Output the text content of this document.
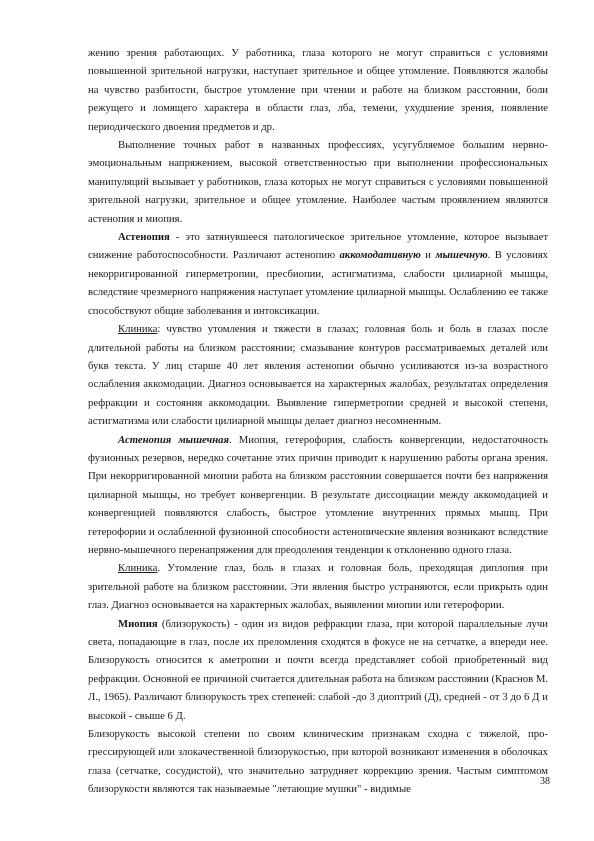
жению зрения работающих. У работника, глаза которого не могут справиться с условиями повышенной зрительной нагрузки, наступает зрительное и общее утомление. Появляются жалобы на чувство разбитости, быстрое утомление при чтении и работе на близком расстоянии, боли режущего и ломящего характера в области глаз, лба, темени, ухудшение зрения, появление периодического двоения предметов и др.

Выполнение точных работ в названных профессиях, усугубляемое большим нервно-эмоциональным напряжением, высокой ответственностью при выполнении профессиональных манипуляций вызывает у работников, глаза которых не могут справиться с условиями повышенной зрительной нагрузки, зрительное и общее утомление. Наиболее частым проявлением являются астенопия и миопия.

Астенопия - это затянувшееся патологическое зрительное утомление, которое вызывает снижение работоспособности. Различают астенопию аккомодативную и мышечную. В условиях некорригированной гиперметропии, пресбиопии, астигматизма, слабости цилиарной мышцы, вследствие чрезмерного напряжения наступает утомление цилиарной мышцы. Ослаблению ее также способствуют общие заболевания и интоксикации.

Клиника: чувство утомления и тяжести в глазах; головная боль и боль в глазах после длительной работы на близком расстоянии; смазывание контуров рассматриваемых деталей или букв текста. У лиц старше 40 лет явления астенопии обычно усиливаются из-за возрастного ослабления аккомодации. Диагноз основывается на характерных жалобах, результатах определения рефракции и состояния аккомодации. Выявление гиперметропии средней и высокой степени, астигматизма или слабости цилиарной мышцы делает диагноз несомненным.

Астенопия мышечная. Миопия, гетерофория, слабость конвергенции, недостаточность фузионных резервов, нередко сочетание этих причин приводит к нарушению работы органа зрения. При некорригированной миопии работа на близком расстоянии совершается почти без напряжения цилиарной мышцы, но требует конвергенции. В результате диссоциации между аккомодацией и конвергенцией появляются слабость, быстрое утомление внутренних прямых мышц. При гетерофории и ослабленной фузионной способности астенопические явления возникают вследствие нервно-мышечного перенапряжения для преодоления тенденции к отклонению одного глаза.

Клиника. Утомление глаз, боль в глазах и головная боль, преходящая диплопия при зрительной работе на близком расстоянии. Эти явления быстро устраняются, если прикрыть один глаз. Диагноз основывается на характерных жалобах, выявлении миопии или гетерофории.

Миопия (близорукость) - один из видов рефракции глаза, при которой параллельные лучи света, попадающие в глаз, после их преломления сходятся в фокусе не на сетчатке, а впереди нее. Близорукость относится к аметропии и почти всегда представляет собой приобретенный вид рефракции. Основной ее причиной считается длительная работа на близком расстоянии (Краснов М. Л., 1965). Различают близорукость трех степеней: слабой -до 3 диоптрий (Д), средней - от 3 до 6 Д и высокой - свыше 6 Д.

Близорукость высокой степени по своим клиническим признакам сходна с тяжелой, прогрессирующей или злокачественной близорукостью, при которой возникают изменения в оболочках глаза (сетчатке, сосудистой), что значительно затрудняет коррекцию зрения. Частым симптомом близорукости являются так называемые "летающие мушки" - видимые

38
